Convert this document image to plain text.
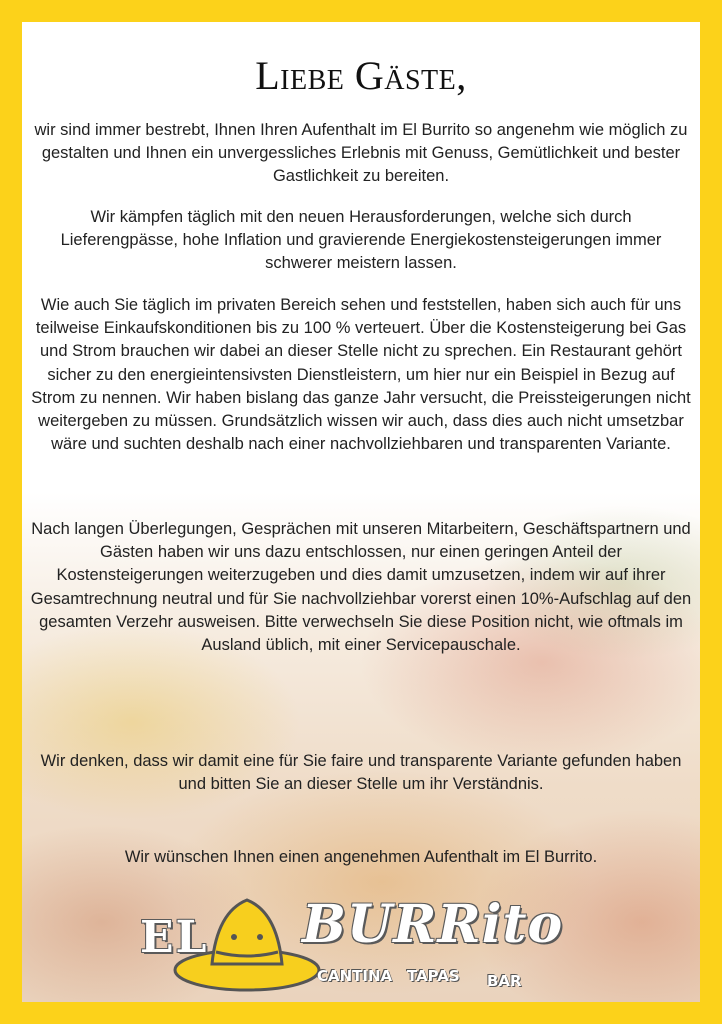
Liebe Gäste,
wir sind immer bestrebt, Ihnen Ihren Aufenthalt im El Burrito so angenehm wie möglich zu gestalten und Ihnen ein unvergessliches Erlebnis mit Genuss, Gemütlichkeit und bester Gastlichkeit zu bereiten.
Wir kämpfen täglich mit den neuen Herausforderungen, welche sich durch Lieferengpässe, hohe Inflation und gravierende Energiekostensteigerungen immer schwerer meistern lassen.
Wie auch Sie täglich im privaten Bereich sehen und feststellen, haben sich auch für uns teilweise Einkaufskonditionen bis zu 100 % verteuert. Über die Kostensteigerung bei Gas und Strom brauchen wir dabei an dieser Stelle nicht zu sprechen. Ein Restaurant gehört sicher zu den energieintensivsten Dienstleistern, um hier nur ein Beispiel in Bezug auf Strom zu nennen. Wir haben bislang das ganze Jahr versucht, die Preissteigerungen nicht weitergeben zu müssen. Grundsätzlich wissen wir auch, dass dies auch nicht umsetzbar wäre und suchten deshalb nach einer nachvollziehbaren und transparenten Variante.
Nach langen Überlegungen, Gesprächen mit unseren Mitarbeitern, Geschäftspartnern und Gästen haben wir uns dazu entschlossen, nur einen geringen Anteil der Kostensteigerungen weiterzugeben und dies damit umzusetzen, indem wir auf ihrer Gesamtrechnung neutral und für Sie nachvollziehbar vorerst einen 10%-Aufschlag auf den gesamten Verzehr ausweisen. Bitte verwechseln Sie diese Position nicht, wie oftmals im Ausland üblich, mit einer Servicepauschale.
Wir denken, dass wir damit eine für Sie faire und transparente Variante gefunden haben und bitten Sie an dieser Stelle um ihr Verständnis.
Wir wünschen Ihnen einen angenehmen Aufenthalt im El Burrito.
EL BURRito
CANTINA TAPAS BAR
